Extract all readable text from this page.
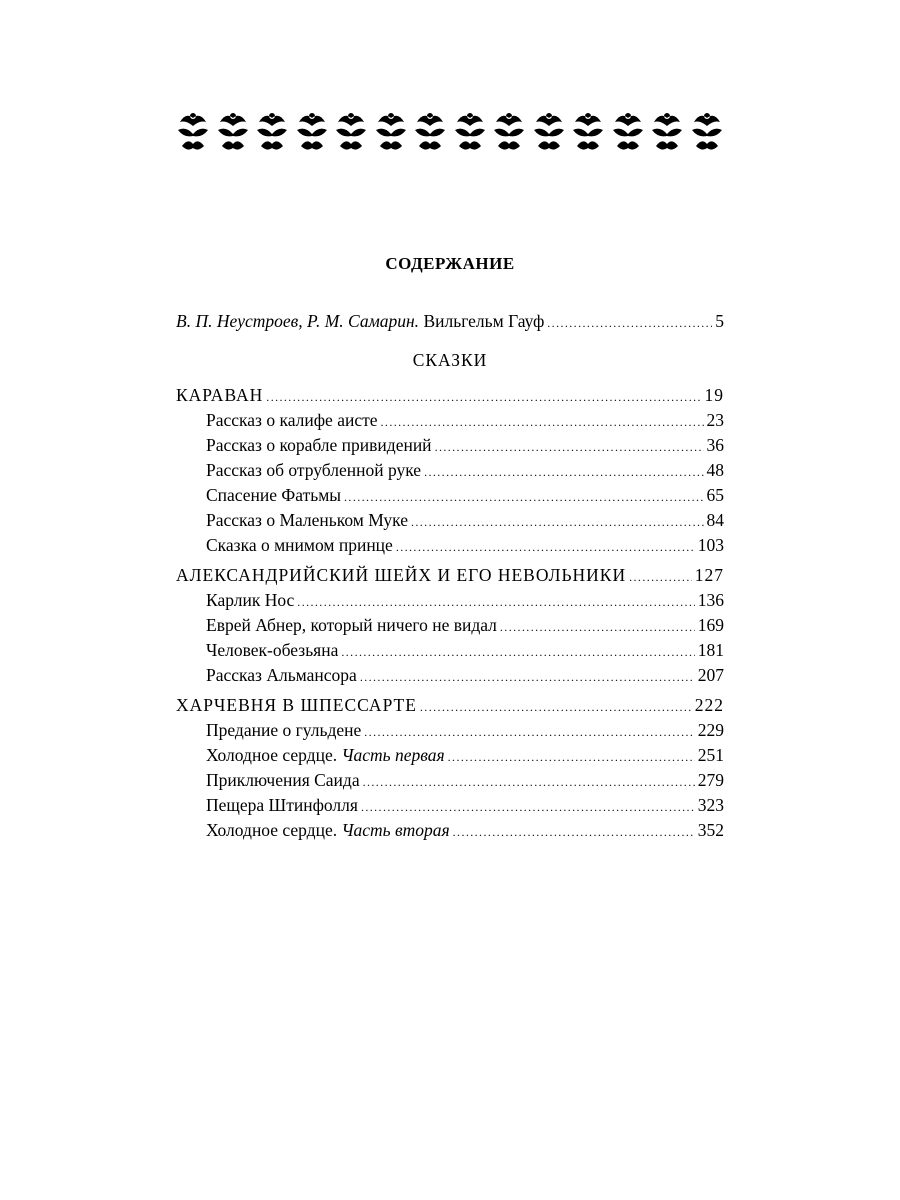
СОДЕРЖАНИЕ
В. П. Неустроев, Р. М. Самарин. Вильгельм Гауф .....	5
СКАЗКИ
КАРАВАН .....	19
Рассказ о калифе аисте .....	23
Рассказ о корабле привидений .....	36
Рассказ об отрубленной руке .....	48
Спасение Фатьмы .....	65
Рассказ о Маленьком Муке .....	84
Сказка о мнимом принце .....	103
АЛЕКСАНДРИЙСКИЙ ШЕЙХ И ЕГО НЕВОЛЬНИКИ .....	127
Карлик Нос .....	136
Еврей Абнер, который ничего не видал .....	169
Человек-обезьяна .....	181
Рассказ Альмансора .....	207
ХАРЧЕВНЯ В ШПЕССАРТЕ .....	222
Предание о гульдене .....	229
Холодное сердце. Часть первая .....	251
Приключения Саида .....	279
Пещера Штинфолля .....	323
Холодное сердце. Часть вторая .....	352
